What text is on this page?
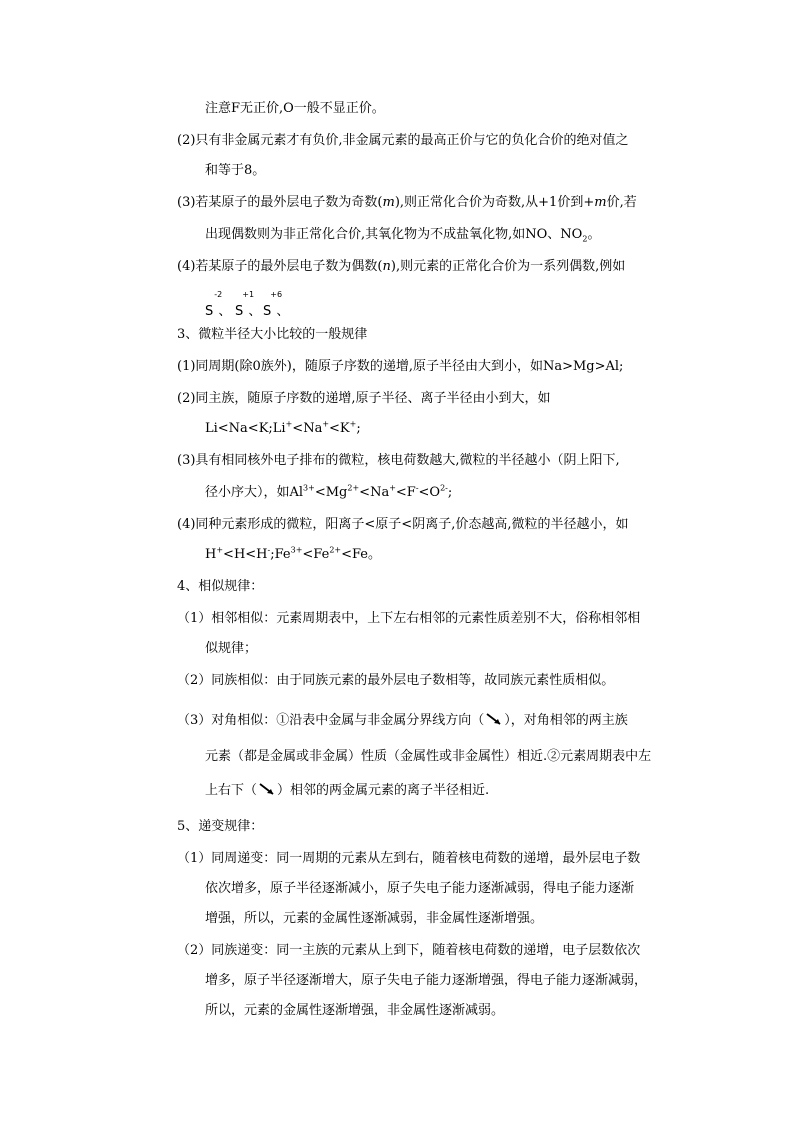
注意F无正价,O一般不显正价。
(2)只有非金属元素才有负价,非金属元素的最高正价与它的负化合价的绝对值之
和等于8。
(3)若某原子的最外层电子数为奇数(m),则正常化合价为奇数,从+1价到+m价,若
出现偶数则为非正常化合价,其氧化物为不成盐氧化物,如NO、$NO_2$。
(4)若某原子的最外层电子数为偶数(n),则元素的正常化合价为一系列偶数,例如
-2
S 、
+1
S 、
+6
S 、
3、微粒半径大小比较的一般规律
(1)同周期(除0族外)，随原子序数的递增,原子半径由大到小，如Na>Mg>Al;
(2)同主族，随原子序数的递增,原子半径、离子半径由小到大，如
Li<Na<K;Li+<Na+<K+;
(3)具有相同核外电子排布的微粒，核电荷数越大,微粒的半径越小（阴上阳下,
径小序大），如$Al^{3+}<Mg^{2+}<Na^+<F^-<O^{2-}$;
(4)同种元素形成的微粒，阳离子<原子<阴离子,价态越高,微粒的半径越小，如
$H^+<H<H^-;Fe^{3+}<Fe^{2+}<Fe$。
4、相似规律：
（1）相邻相似：元素周期表中，上下左右相邻的元素性质差别不大，俗称相邻相
似规律；
（2）同族相似：由于同族元素的最外层电子数相等，故同族元素性质相似。
（3）对角相似：①沿表中金属与非金属分界线方向（ ），对角相邻的两主族
元素（都是金属或非金属）性质（金属性或非金属性）相近.②元素周期表中左
上右下（ ）相邻的两金属元素的离子半径相近.
5、递变规律：
（1）同周递变：同一周期的元素从左到右，随着核电荷数的递增，最外层电子数
依次增多，原子半径逐渐减小，原子失电子能力逐渐减弱，得电子能力逐渐
增强，所以，元素的金属性逐渐减弱，非金属性逐渐增强。
（2）同族递变：同一主族的元素从上到下，随着核电荷数的递增，电子层数依次
增多，原子半径逐渐增大，原子失电子能力逐渐增强，得电子能力逐渐减弱，
所以，元素的金属性逐渐增强，非金属性逐渐减弱。
